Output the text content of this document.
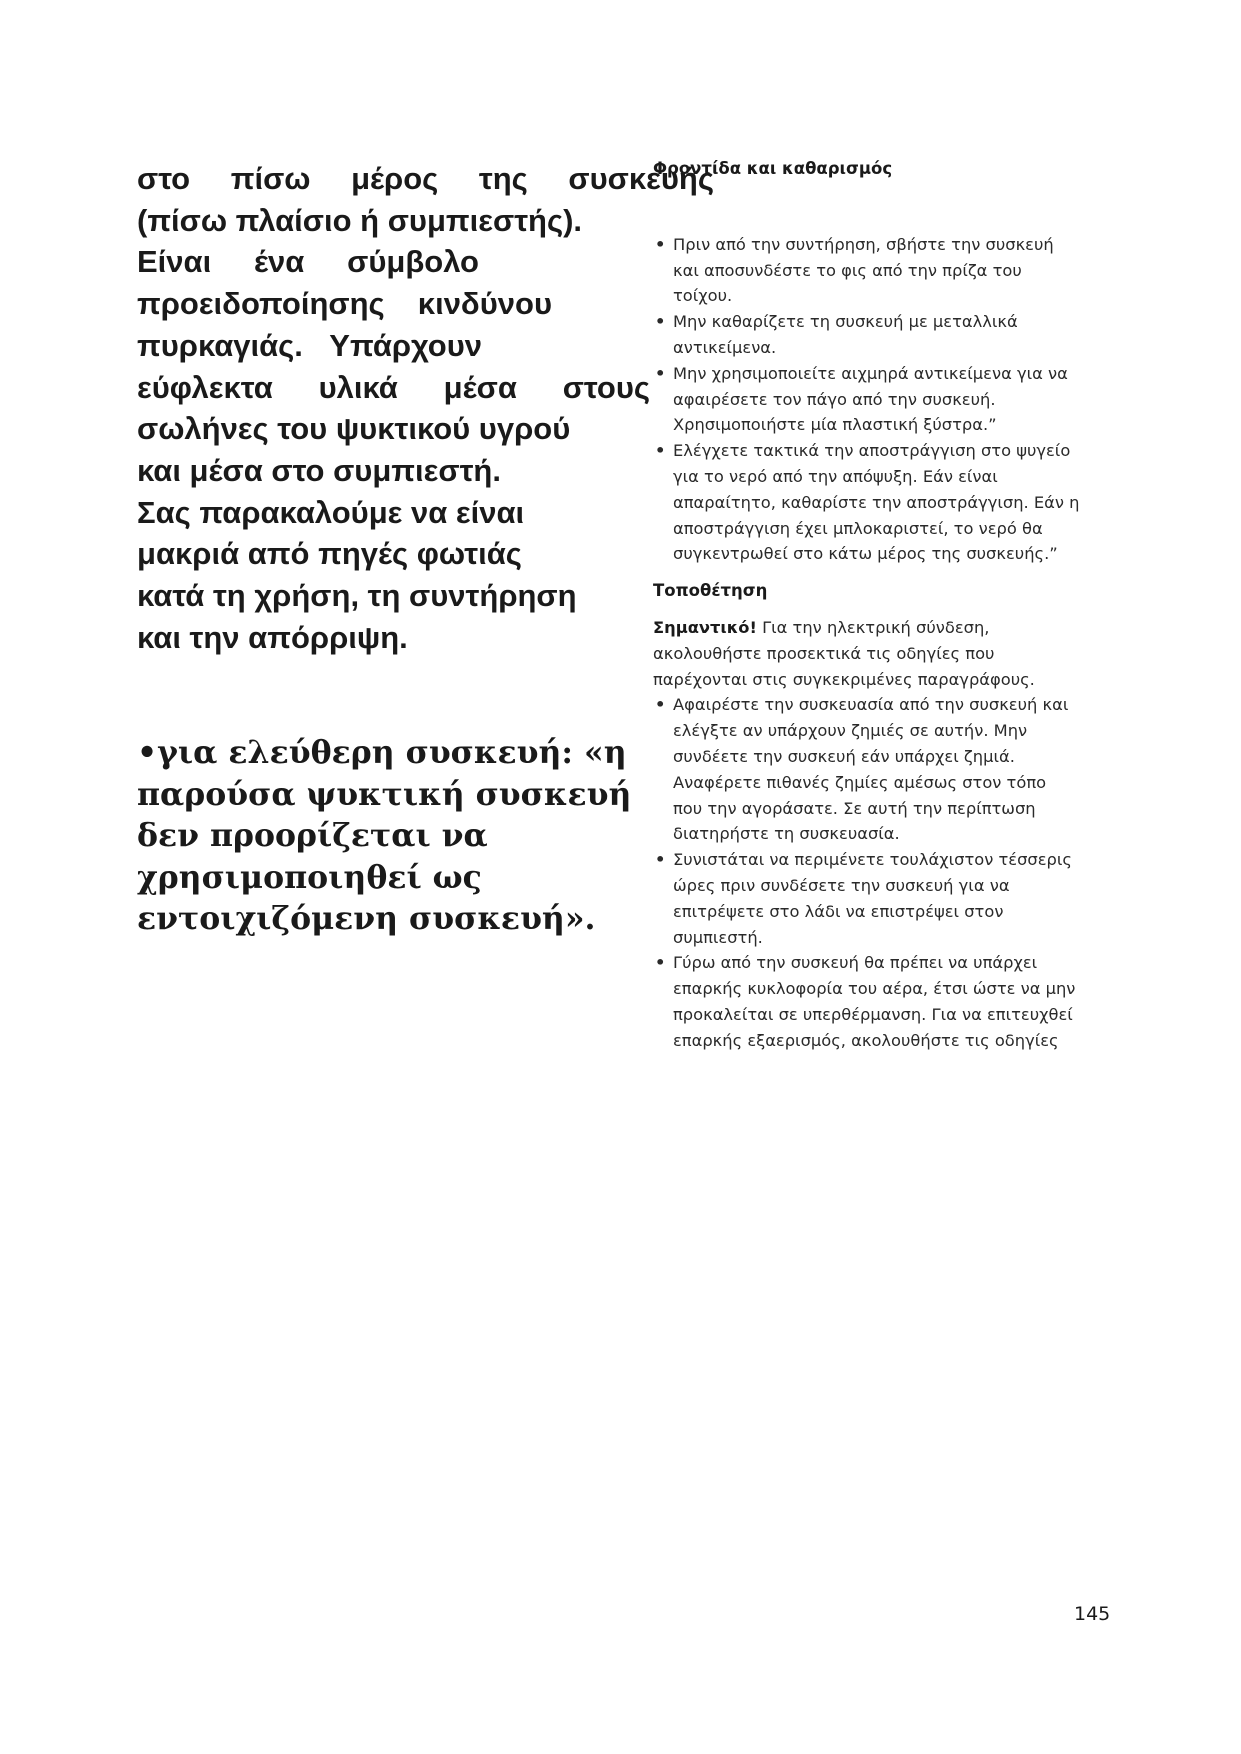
στο πίσω μέρος της συσκευής

(πίσω πλαίσιο ή συμπιεστής).

Είναι ένα σύμβολο

προειδοποίησης κινδύνου

πυρκαγιάς. Υπάρχουν

εύφλεκτα υλικά μέσα στους

σωλήνες του ψυκτικού υγρού

και μέσα στο συμπιεστή.

Σας παρακαλούμε να είναι

μακριά από πηγές φωτιάς

κατά τη χρήση, τη συντήρηση

και την απόρριψη.

•για ελεύθερη συσκευή: «η

παρούσα ψυκτική συσκευή

δεν προορίζεται να

χρησιμοποιηθεί ως

εντοιχιζόμενη συσκευή».

Φροντίδα και καθαρισμός

• Πριν από την συντήρηση, σβήστε την συσκευή
και αποσυνδέστε το φις από την πρίζα του
τοίχου.
• Μην καθαρίζετε τη συσκευή με μεταλλικά
αντικείμενα.
• Μην χρησιμοποιείτε αιχμηρά αντικείμενα για να
αφαιρέσετε τον πάγο από την συσκευή.
Χρησιμοποιήστε μία πλαστική ξύστρα.”
• Ελέγχετε τακτικά την αποστράγγιση στο ψυγείο
για το νερό από την απόψυξη. Εάν είναι
απαραίτητο, καθαρίστε την αποστράγγιση. Εάν η
αποστράγγιση έχει μπλοκαριστεί, το νερό θα
συγκεντρωθεί στο κάτω μέρος της συσκευής.”

Τοποθέτηση

Σημαντικό! Για την ηλεκτρική σύνδεση,

ακολουθήστε προσεκτικά τις οδηγίες που

παρέχονται στις συγκεκριμένες παραγράφους.

• Αφαιρέστε την συσκευασία από την συσκευή και
ελέγξτε αν υπάρχουν ζημιές σε αυτήν. Μην
συνδέετε την συσκευή εάν υπάρχει ζημιά.
Αναφέρετε πιθανές ζημίες αμέσως στον τόπο
που την αγοράσατε. Σε αυτή την περίπτωση
διατηρήστε τη συσκευασία.
• Συνιστάται να περιμένετε τουλάχιστον τέσσερις
ώρες πριν συνδέσετε την συσκευή για να
επιτρέψετε στο λάδι να επιστρέψει στον
συμπιεστή.
• Γύρω από την συσκευή θα πρέπει να υπάρχει
επαρκής κυκλοφορία του αέρα, έτσι ώστε να μην
προκαλείται σε υπερθέρμανση. Για να επιτευχθεί
επαρκής εξαερισμός, ακολουθήστε τις οδηγίες
145
